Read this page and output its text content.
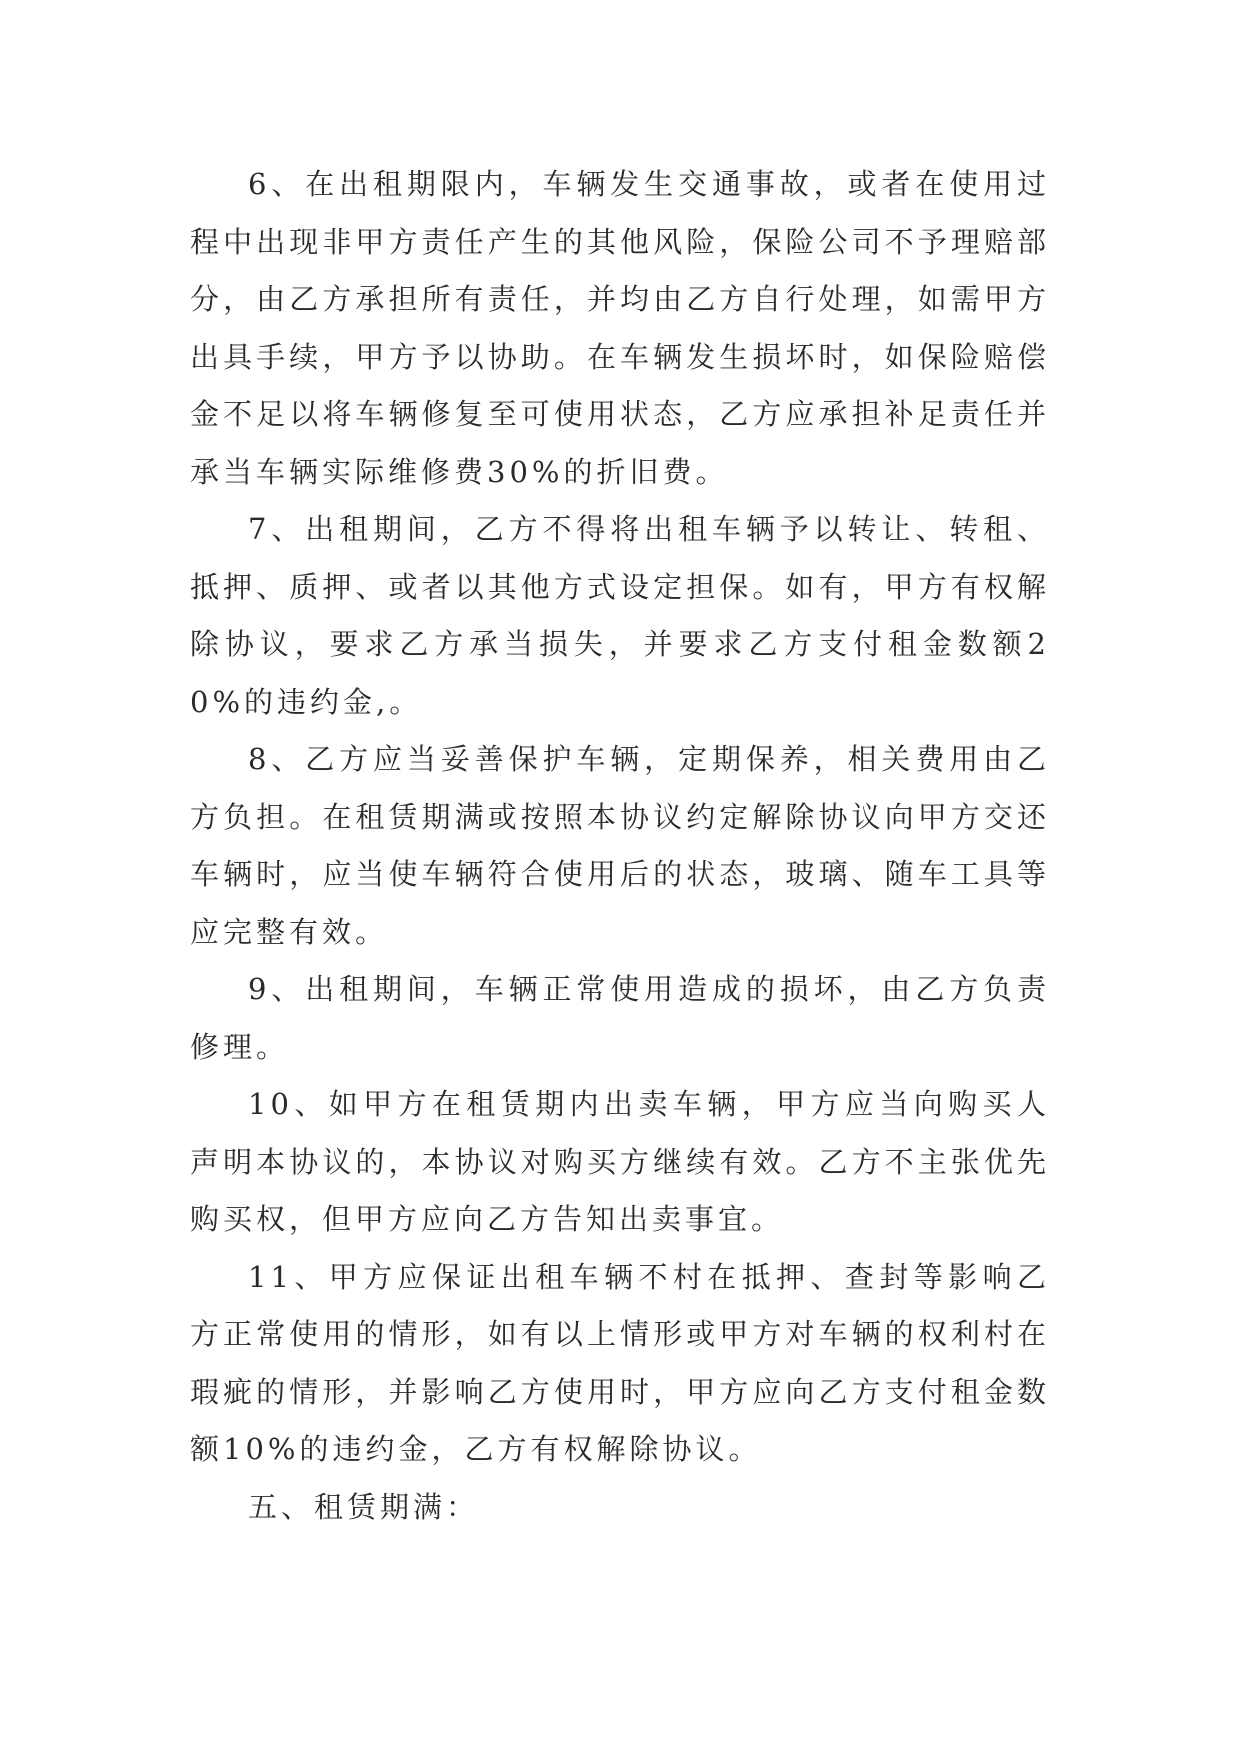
6、在出租期限内，车辆发生交通事故，或者在使用过程中出现非甲方责任产生的其他风险，保险公司不予理赔部分，由乙方承担所有责任，并均由乙方自行处理，如需甲方出具手续，甲方予以协助。在车辆发生损坏时，如保险赔偿金不足以将车辆修复至可使用状态，乙方应承担补足责任并承当车辆实际维修费30%的折旧费。

7、出租期间，乙方不得将出租车辆予以转让、转租、抵押、质押、或者以其他方式设定担保。如有，甲方有权解除协议，要求乙方承当损失，并要求乙方支付租金数额20%的违约金,。

8、乙方应当妥善保护车辆，定期保养，相关费用由乙方负担。在租赁期满或按照本协议约定解除协议向甲方交还车辆时，应当使车辆符合使用后的状态，玻璃、随车工具等应完整有效。

9、出租期间，车辆正常使用造成的损坏，由乙方负责修理。

10、如甲方在租赁期内出卖车辆，甲方应当向购买人声明本协议的，本协议对购买方继续有效。乙方不主张优先购买权，但甲方应向乙方告知出卖事宜。

11、甲方应保证出租车辆不村在抵押、查封等影响乙方正常使用的情形，如有以上情形或甲方对车辆的权利村在瑕疵的情形，并影响乙方使用时，甲方应向乙方支付租金数额10%的违约金，乙方有权解除协议。

五、租赁期满：
